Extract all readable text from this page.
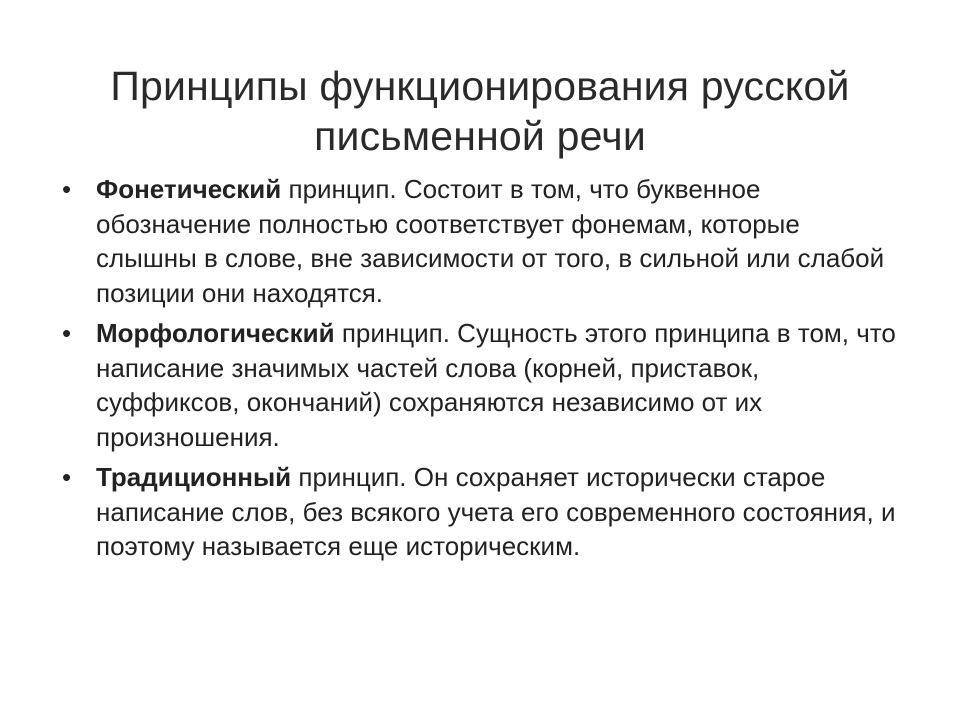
Принципы функционирования русской
письменной речи
• Фонетический принцип. Состоит в том, что буквенное обозначение полностью соответствует фонемам, которые слышны в слове, вне зависимости от того, в сильной или слабой позиции они находятся.
• Морфологический принцип. Сущность этого принципа в том, что написание значимых частей слова (корней, приставок, суффиксов, окончаний) сохраняются независимо от их произношения.
• Традиционный принцип. Он сохраняет исторически старое написание слов, без всякого учета его современного состояния, и поэтому называется еще историческим.
